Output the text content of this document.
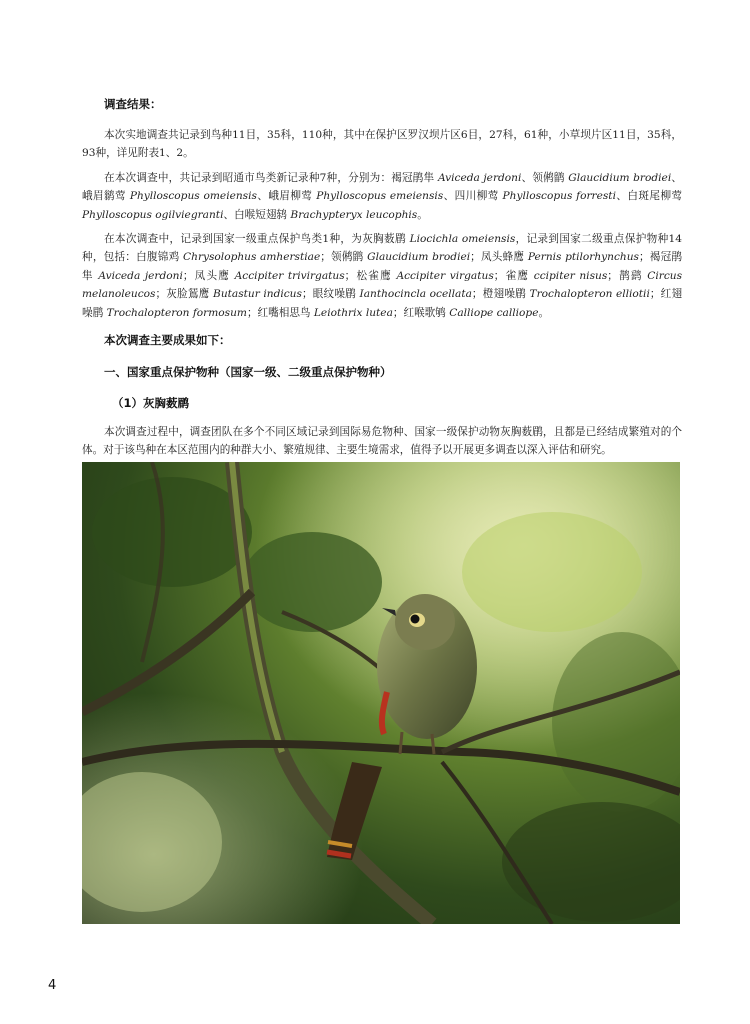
调查结果：

本次实地调查共记录到鸟种11目，35科，110种，其中在保护区罗汉坝片区6目，27科，61种，小草坝片区11目，35科，93种，详见附表1、2。

在本次调查中，共记录到昭通市鸟类新记录种7种，分别为：褐冠鹃隼 Aviceda jerdoni、领鸺鹠 Glaucidium brodiei、峨眉鹟莺 Phylloscopus omeiensis、峨眉柳莺 Phylloscopus emeiensis、四川柳莺 Phylloscopus forresti、白斑尾柳莺 Phylloscopus ogilviegranti、白喉短翅鸫 Brachypteryx leucophis。

在本次调查中，记录到国家一级重点保护鸟类1种，为灰胸薮鹛 Liocichla omeiensis，记录到国家二级重点保护物种14种，包括：白腹锦鸡 Chrysolophus amherstiae；领鸺鹠 Glaucidium brodiei；凤头蜂鹰 Pernis ptilorhynchus；褐冠鹃隼 Aviceda jerdoni；凤头鹰 Accipiter trivirgatus；松雀鹰 Accipiter virgatus；雀鹰 ccipiter nisus；鹊鹞 Circus melanoleucos；灰脸鵟鹰 Butastur indicus；眼纹噪鹛 Ianthocincla ocellata；橙翅噪鹛 Trochalopteron elliotii；红翅噪鹛 Trochalopteron formosum；红嘴相思鸟 Leiothrix lutea；红喉歌鸲 Calliope calliope。

本次调查主要成果如下：
一、国家重点保护物种（国家一级、二级重点保护物种）
（1）灰胸薮鹛

本次调查过程中，调查团队在多个不同区域记录到国际易危物种、国家一级保护动物灰胸薮鹛，且都是已经结成繁殖对的个体。对于该鸟种在本区范围内的种群大小、繁殖规律、主要生境需求，值得予以开展更多调查以深入评估和研究。

4
